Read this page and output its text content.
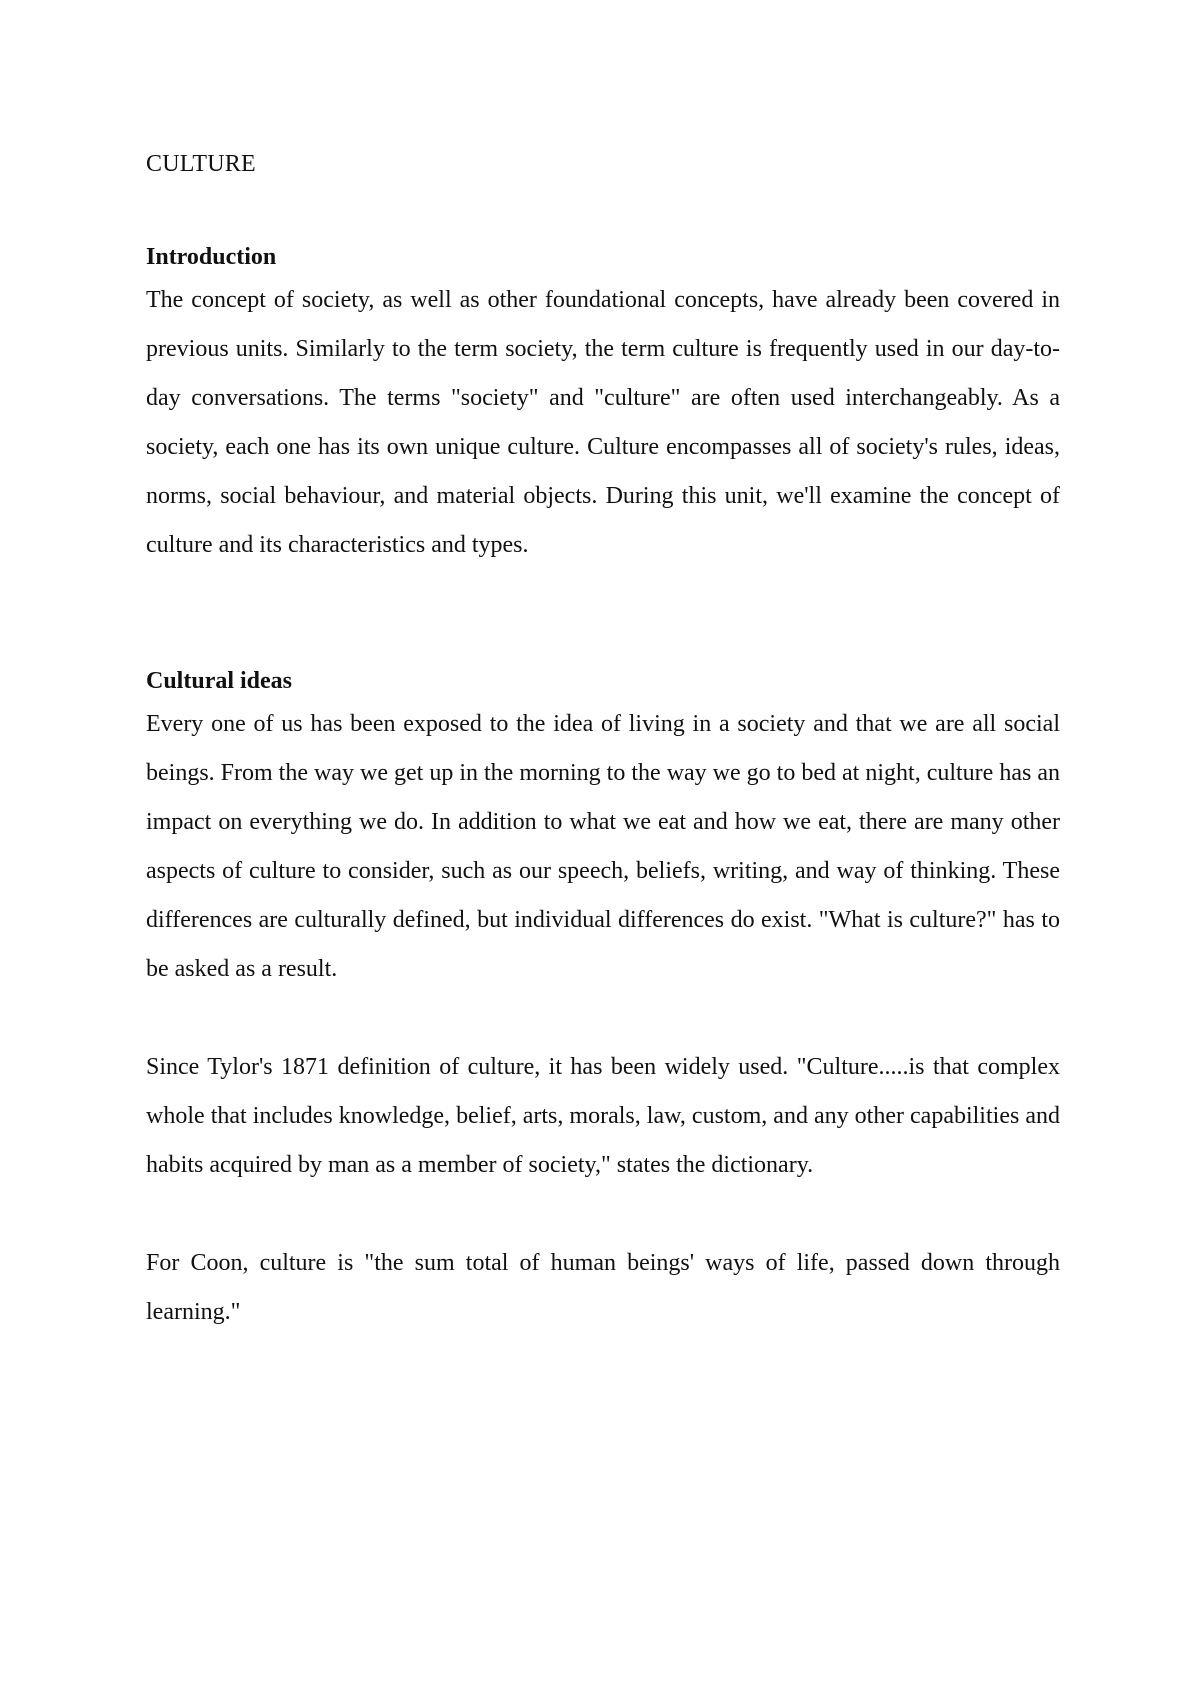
CULTURE
Introduction

The concept of society, as well as other foundational concepts, have already been covered in previous units. Similarly to the term society, the term culture is frequently used in our day-to-day conversations. The terms "society" and "culture" are often used interchangeably. As a society, each one has its own unique culture. Culture encompasses all of society's rules, ideas, norms, social behaviour, and material objects. During this unit, we'll examine the concept of culture and its characteristics and types.

Cultural ideas

Every one of us has been exposed to the idea of living in a society and that we are all social beings. From the way we get up in the morning to the way we go to bed at night, culture has an impact on everything we do. In addition to what we eat and how we eat, there are many other aspects of culture to consider, such as our speech, beliefs, writing, and way of thinking. These differences are culturally defined, but individual differences do exist. "What is culture?" has to be asked as a result.

Since Tylor's 1871 definition of culture, it has been widely used. "Culture.....is that complex whole that includes knowledge, belief, arts, morals, law, custom, and any other capabilities and habits acquired by man as a member of society," states the dictionary.

For Coon, culture is "the sum total of human beings' ways of life, passed down through learning."
